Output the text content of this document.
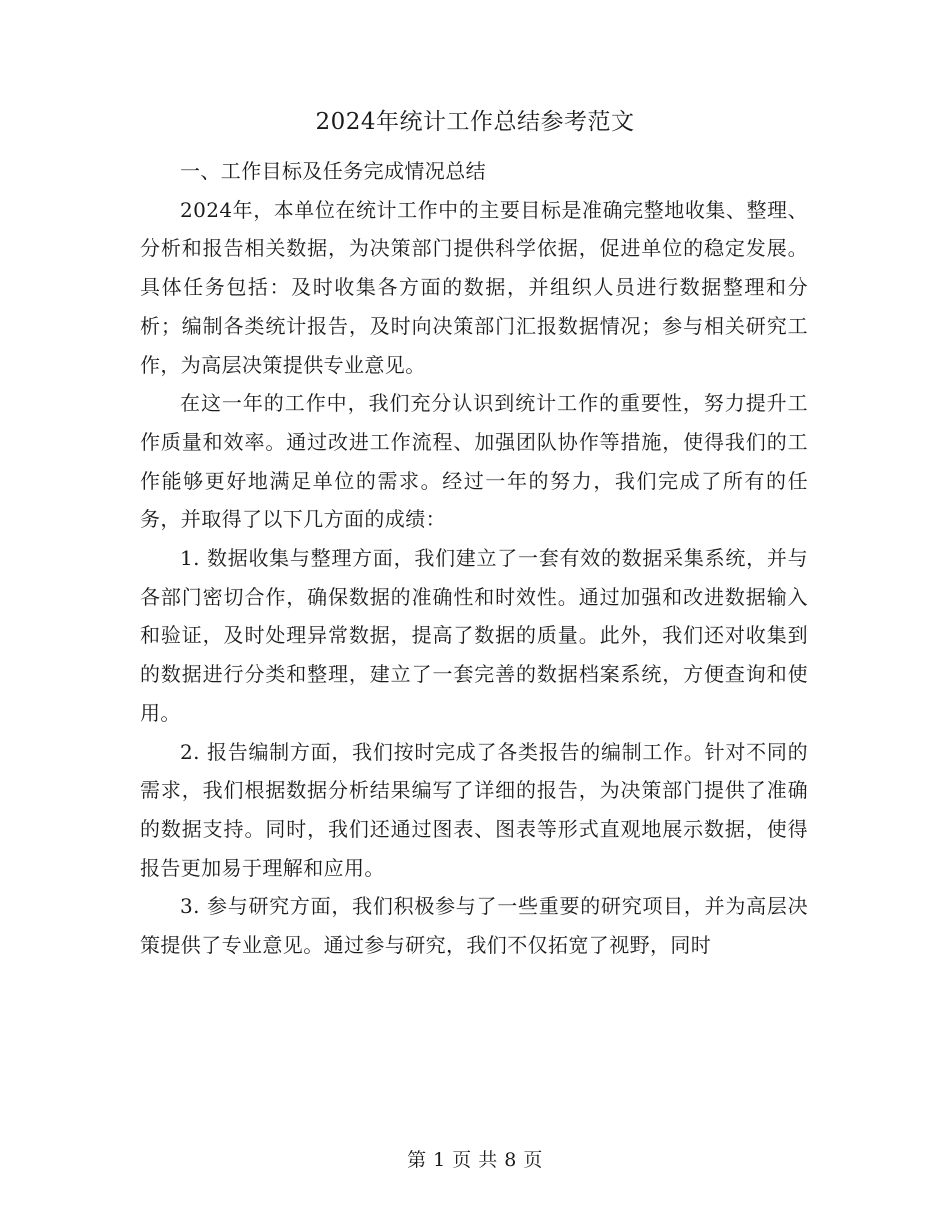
2024年统计工作总结参考范文

一、工作目标及任务完成情况总结

2024年，本单位在统计工作中的主要目标是准确完整地收集、整理、分析和报告相关数据，为决策部门提供科学依据，促进单位的稳定发展。具体任务包括：及时收集各方面的数据，并组织人员进行数据整理和分析；编制各类统计报告，及时向决策部门汇报数据情况；参与相关研究工作，为高层决策提供专业意见。

在这一年的工作中，我们充分认识到统计工作的重要性，努力提升工作质量和效率。通过改进工作流程、加强团队协作等措施，使得我们的工作能够更好地满足单位的需求。经过一年的努力，我们完成了所有的任务，并取得了以下几方面的成绩：

1. 数据收集与整理方面，我们建立了一套有效的数据采集系统，并与各部门密切合作，确保数据的准确性和时效性。通过加强和改进数据输入和验证，及时处理异常数据，提高了数据的质量。此外，我们还对收集到的数据进行分类和整理，建立了一套完善的数据档案系统，方便查询和使用。

2. 报告编制方面，我们按时完成了各类报告的编制工作。针对不同的需求，我们根据数据分析结果编写了详细的报告，为决策部门提供了准确的数据支持。同时，我们还通过图表、图表等形式直观地展示数据，使得报告更加易于理解和应用。

3. 参与研究方面，我们积极参与了一些重要的研究项目，并为高层决策提供了专业意见。通过参与研究，我们不仅拓宽了视野，同时

第 1 页 共 8 页
